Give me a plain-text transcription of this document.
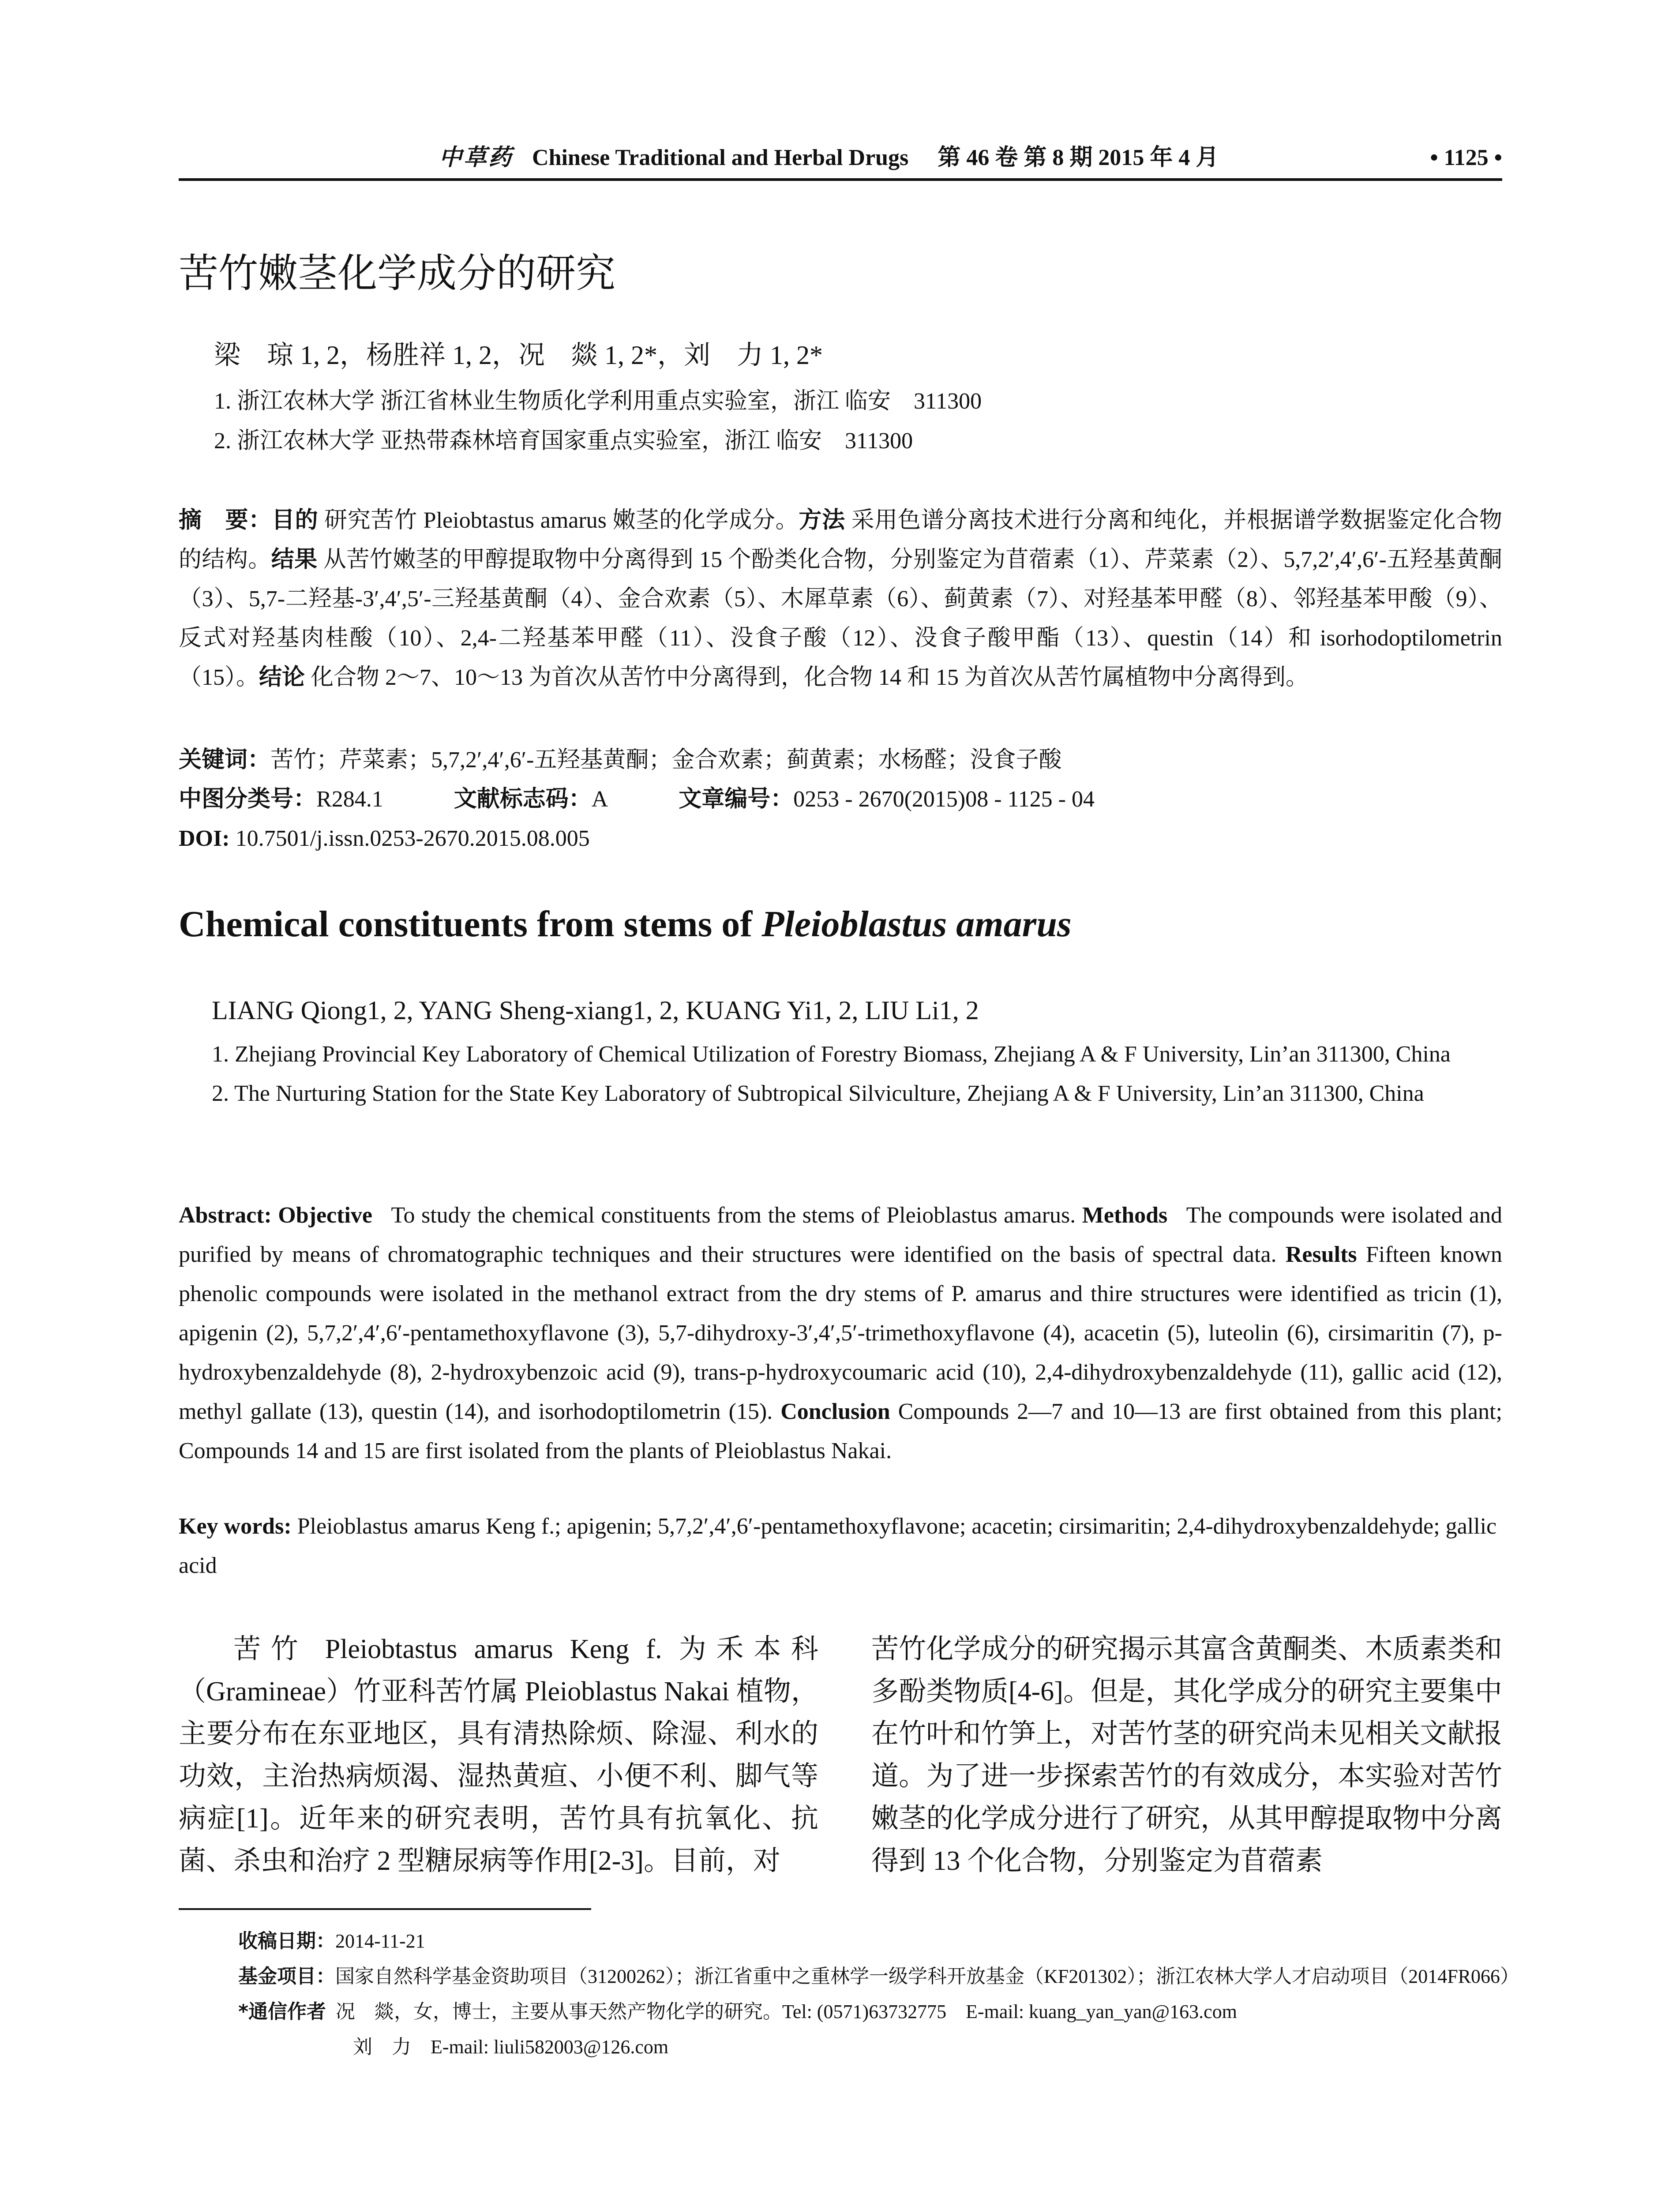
中草药 Chinese Traditional and Herbal Drugs 第 46 卷 第 8 期 2015 年 4 月	• 1125 •
苦竹嫩茎化学成分的研究
梁　琼 1, 2，杨胜祥 1, 2，况　燚 1, 2*，刘　力 1, 2*
1. 浙江农林大学 浙江省林业生物质化学利用重点实验室，浙江 临安　311300
2. 浙江农林大学 亚热带森林培育国家重点实验室，浙江 临安　311300
摘　要：目的 研究苦竹 Pleiobtastus amarus 嫩茎的化学成分。方法 采用色谱分离技术进行分离和纯化，并根据谱学数据鉴定化合物的结构。结果 从苦竹嫩茎的甲醇提取物中分离得到 15 个酚类化合物，分别鉴定为苜蓿素（1）、芹菜素（2）、5,7,2′,4′,6′-五羟基黄酮（3）、5,7-二羟基-3′,4′,5′-三羟基黄酮（4）、金合欢素（5）、木犀草素（6）、蓟黄素（7）、对羟基苯甲醛（8）、邻羟基苯甲酸（9）、反式对羟基肉桂酸（10）、2,4-二羟基苯甲醛（11）、没食子酸（12）、没食子酸甲酯（13）、questin（14）和 isorhodoptilometrin（15）。结论 化合物 2～7、10～13 为首次从苦竹中分离得到，化合物 14 和 15 为首次从苦竹属植物中分离得到。
关键词：苦竹；芹菜素；5,7,2′,4′,6′-五羟基黄酮；金合欢素；蓟黄素；水杨醛；没食子酸
中图分类号：R284.1	文献标志码：A	文章编号：0253 - 2670(2015)08 - 1125 - 04
DOI: 10.7501/j.issn.0253-2670.2015.08.005
Chemical constituents from stems of Pleioblastus amarus
LIANG Qiong1, 2, YANG Sheng-xiang1, 2, KUANG Yi1, 2, LIU Li1, 2
1. Zhejiang Provincial Key Laboratory of Chemical Utilization of Forestry Biomass, Zhejiang A & F University, Lin’an 311300, China
2. The Nurturing Station for the State Key Laboratory of Subtropical Silviculture, Zhejiang A & F University, Lin’an 311300, China
Abstract: Objective To study the chemical constituents from the stems of Pleioblastus amarus. Methods The compounds were isolated and purified by means of chromatographic techniques and their structures were identified on the basis of spectral data. Results Fifteen known phenolic compounds were isolated in the methanol extract from the dry stems of P. amarus and thire structures were identified as tricin (1), apigenin (2), 5,7,2′,4′,6′-pentamethoxyflavone (3), 5,7-dihydroxy-3′,4′,5′-trimethoxyflavone (4), acacetin (5), luteolin (6), cirsimaritin (7), p-hydroxybenzaldehyde (8), 2-hydroxybenzoic acid (9), trans-p-hydroxycoumaric acid (10), 2,4-dihydroxybenzaldehyde (11), gallic acid (12), methyl gallate (13), questin (14), and isorhodoptilometrin (15). Conclusion Compounds 2—7 and 10—13 are first obtained from this plant; Compounds 14 and 15 are first isolated from the plants of Pleioblastus Nakai.
Key words: Pleioblastus amarus Keng f.; apigenin; 5,7,2′,4′,6′-pentamethoxyflavone; acacetin; cirsimaritin; 2,4-dihydroxybenzaldehyde; gallic acid
苦竹 Pleiobtastus amarus Keng f. 为禾本科（Gramineae）竹亚科苦竹属 Pleioblastus Nakai 植物，主要分布在东亚地区，具有清热除烦、除湿、利水的功效，主治热病烦渴、湿热黄疸、小便不利、脚气等病症[1]。近年来的研究表明，苦竹具有抗氧化、抗菌、杀虫和治疗 2 型糖尿病等作用[2-3]。目前，对
苦竹化学成分的研究揭示其富含黄酮类、木质素类和多酚类物质[4-6]。但是，其化学成分的研究主要集中在竹叶和竹笋上，对苦竹茎的研究尚未见相关文献报道。为了进一步探索苦竹的有效成分，本实验对苦竹嫩茎的化学成分进行了研究，从其甲醇提取物中分离得到 13 个化合物，分别鉴定为苜蓿素
收稿日期：2014-11-21
基金项目：国家自然科学基金资助项目（31200262）；浙江省重中之重林学一级学科开放基金（KF201302）；浙江农林大学人才启动项目（2014FR066）
*通信作者 况　燚，女，博士，主要从事天然产物化学的研究。Tel: (0571)63732775　E-mail: kuang_yan_yan@163.com
刘　力　E-mail: liuli582003@126.com
